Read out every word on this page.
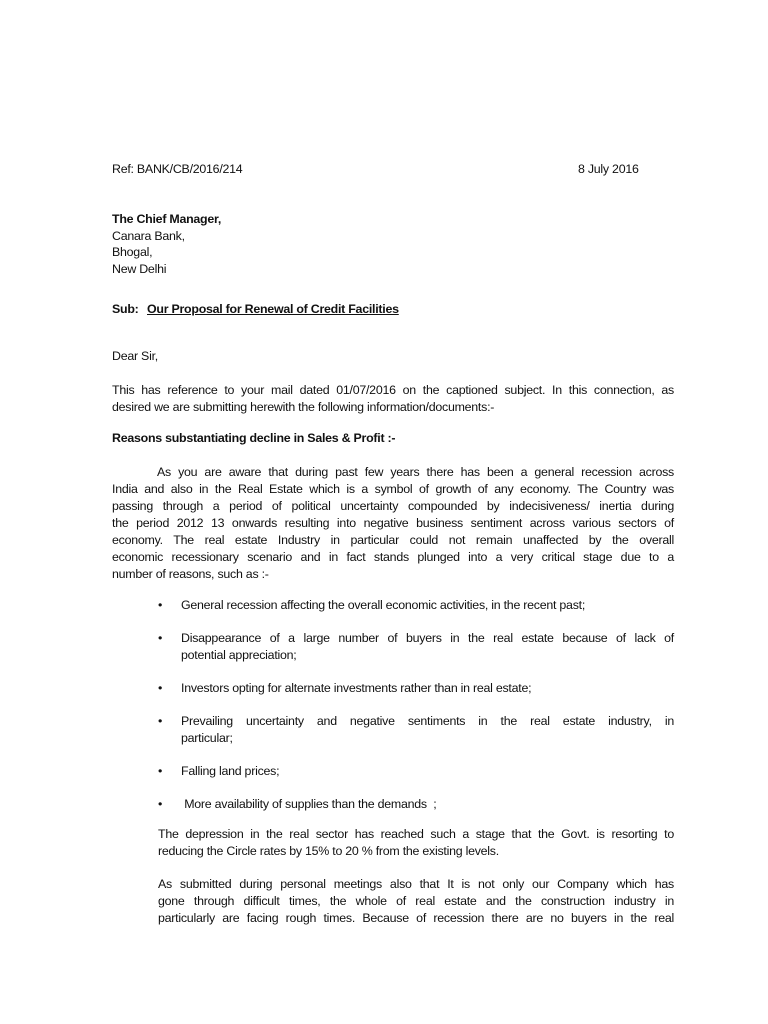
Ref: BANK/CB/2016/214	8 July 2016
The Chief Manager,
Canara Bank,
Bhogal,
New Delhi
Sub: Our Proposal for Renewal of Credit Facilities
Dear Sir,
This has reference to your mail dated 01/07/2016 on the captioned subject. In this connection, as
desired we are submitting herewith the following information/documents:-
Reasons substantiating decline in Sales & Profit :-
As you are aware that during past few years there has been a general recession across
India and also in the Real Estate which is a symbol of growth of any economy. The Country was
passing through a period of political uncertainty compounded by indecisiveness/ inertia during
the period 2012 13 onwards resulting into negative business sentiment across various sectors of
economy. The real estate Industry in particular could not remain unaffected by the overall
economic recessionary scenario and in fact stands plunged into a very critical stage due to a
number of reasons, such as :-
•	General recession affecting the overall economic activities, in the recent past;
•	Disappearance of a large number of buyers in the real estate because of lack of
potential appreciation;
•	Investors opting for alternate investments rather than in real estate;
•	Prevailing uncertainty and negative sentiments in the real estate industry, in
particular;
•	Falling land prices;
•	More availability of supplies than the demands  ;
The depression in the real sector has reached such a stage that the Govt. is resorting to
reducing the Circle rates by 15% to 20 % from the existing levels.
As submitted during personal meetings also that It is not only our Company which has
gone through difficult times, the whole of real estate and the construction industry in
particularly are facing rough times. Because of recession there are no buyers in the real
